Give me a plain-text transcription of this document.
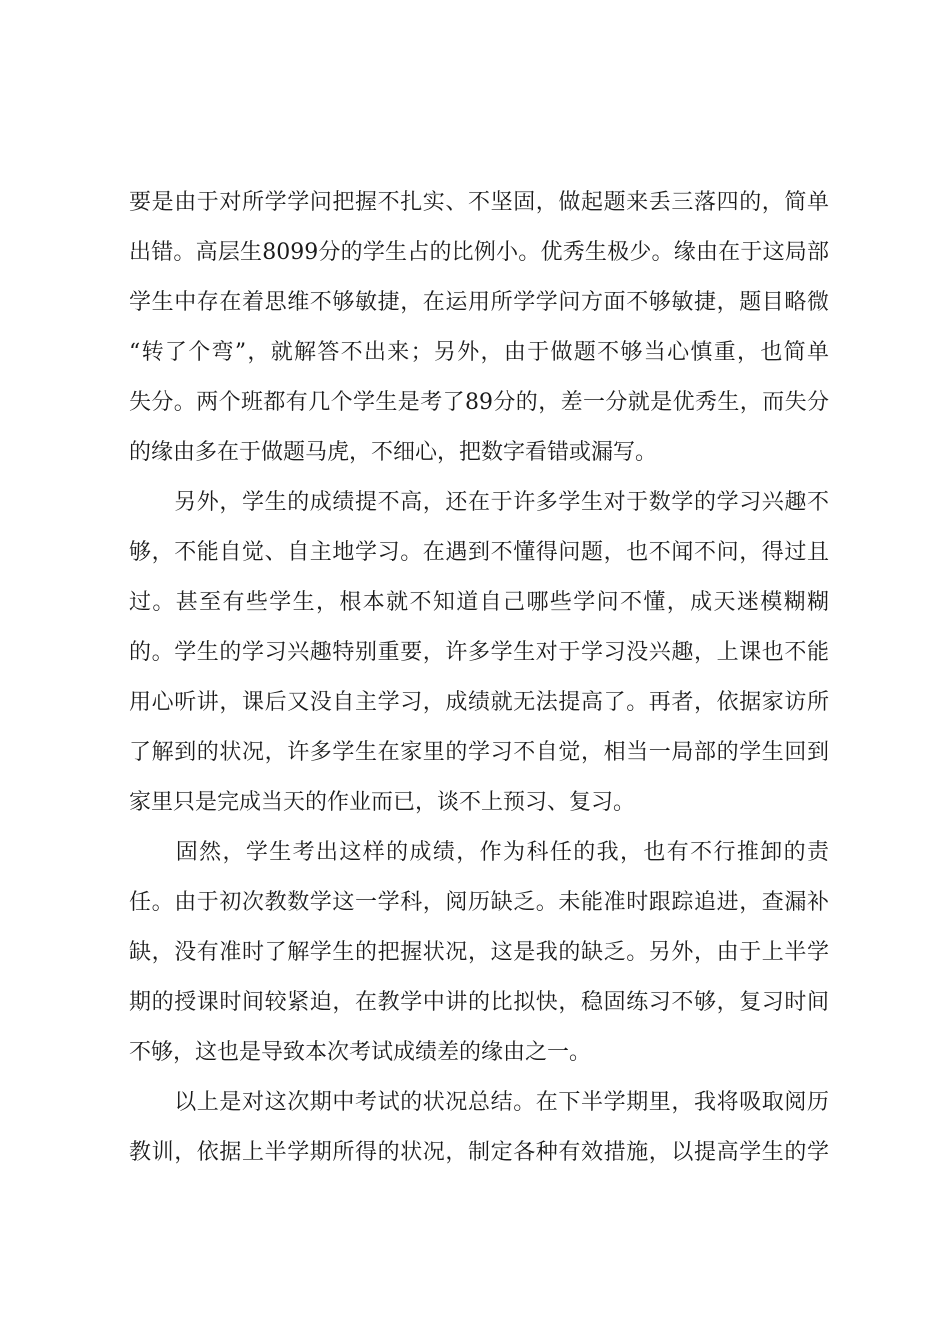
要是由于对所学学问把握不扎实、不坚固，做起题来丢三落四的，简单
出错。高层生8099分的学生占的比例小。优秀生极少。缘由在于这局部
学生中存在着思维不够敏捷，在运用所学学问方面不够敏捷，题目略微
“转了个弯”，就解答不出来；另外，由于做题不够当心慎重，也简单
失分。两个班都有几个学生是考了89分的，差一分就是优秀生，而失分
的缘由多在于做题马虎，不细心，把数字看错或漏写。
　　另外，学生的成绩提不高，还在于许多学生对于数学的学习兴趣不
够，不能自觉、自主地学习。在遇到不懂得问题，也不闻不问，得过且
过。甚至有些学生，根本就不知道自己哪些学问不懂，成天迷模糊糊
的。学生的学习兴趣特别重要，许多学生对于学习没兴趣，上课也不能
用心听讲，课后又没自主学习，成绩就无法提高了。再者，依据家访所
了解到的状况，许多学生在家里的学习不自觉，相当一局部的学生回到
家里只是完成当天的作业而已，谈不上预习、复习。
　　固然，学生考出这样的成绩，作为科任的我，也有不行推卸的责
任。由于初次教数学这一学科，阅历缺乏。未能准时跟踪追进，查漏补
缺，没有准时了解学生的把握状况，这是我的缺乏。另外，由于上半学
期的授课时间较紧迫，在教学中讲的比拟快，稳固练习不够，复习时间
不够，这也是导致本次考试成绩差的缘由之一。
　　以上是对这次期中考试的状况总结。在下半学期里，我将吸取阅历
教训，依据上半学期所得的状况，制定各种有效措施，以提高学生的学
